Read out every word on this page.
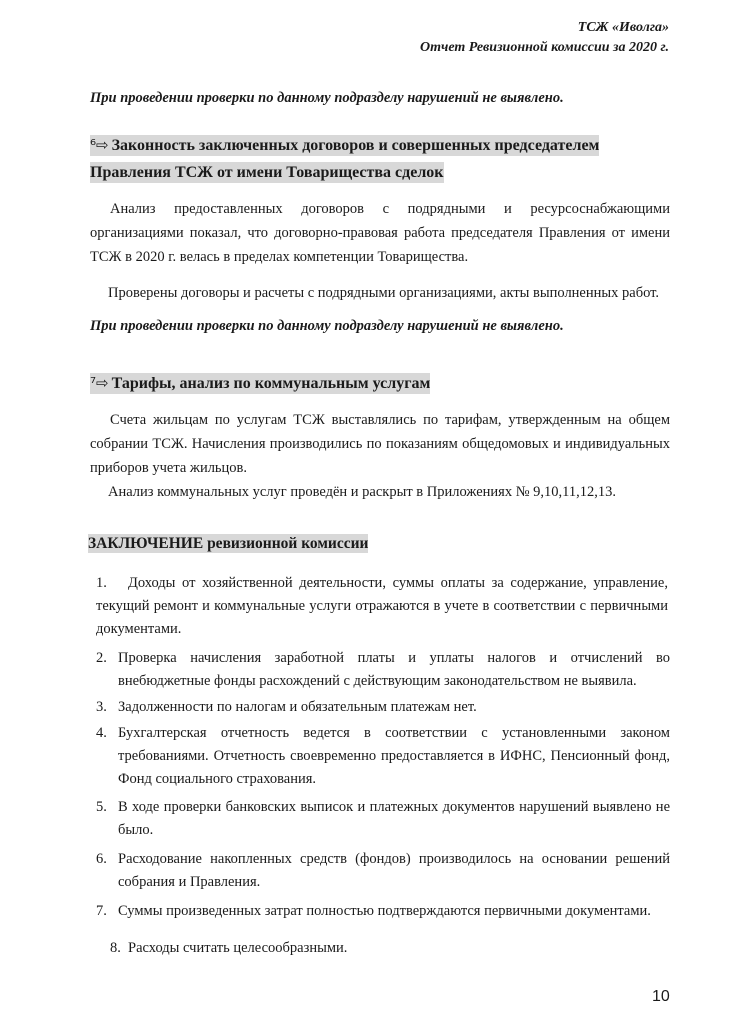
ТСЖ «Иволга»
Отчет Ревизионной комиссии за 2020 г.
При проведении проверки по данному подразделу нарушений не выявлено.
⁶⇨ Законность заключенных договоров и совершенных председателем
Правления ТСЖ от имени Товарищества сделок
Анализ предоставленных договоров с подрядными и ресурсоснабжающими организациями показал, что договорно-правовая работа председателя Правления от имени ТСЖ в 2020 г. велась в пределах компетенции Товарищества.
Проверены договоры и расчеты с подрядными организациями, акты выполненных работ.
При проведении проверки по данному подразделу нарушений не выявлено.
⁷⇨ Тарифы, анализ по коммунальным услугам
Счета жильцам по услугам ТСЖ выставлялись по тарифам, утвержденным на общем собрании ТСЖ. Начисления производились по показаниям общедомовых и индивидуальных приборов учета жильцов.
Анализ коммунальных услуг проведён и раскрыт в Приложениях № 9,10,11,12,13.
ЗАКЛЮЧЕНИЕ ревизионной комиссии
1.	Доходы от хозяйственной деятельности, суммы оплаты за содержание, управление, текущий ремонт и коммунальные услуги отражаются в учете в соответствии с первичными документами.
2. Проверка начисления заработной платы и уплаты налогов и отчислений во внебюджетные фонды расхождений с действующим законодательством не выявила.
3. Задолженности по налогам и обязательным платежам нет.
4. Бухгалтерская отчетность ведется в соответствии с установленными законом требованиями. Отчетность своевременно предоставляется в ИФНС, Пенсионный фонд, Фонд социального страхования.
5. В ходе проверки банковских выписок и платежных документов нарушений выявлено не было.
6. Расходование накопленных средств (фондов) производилось на основании решений собрания и Правления.
7. Суммы произведенных затрат полностью подтверждаются первичными документами.
8. Расходы считать целесообразными.
10
